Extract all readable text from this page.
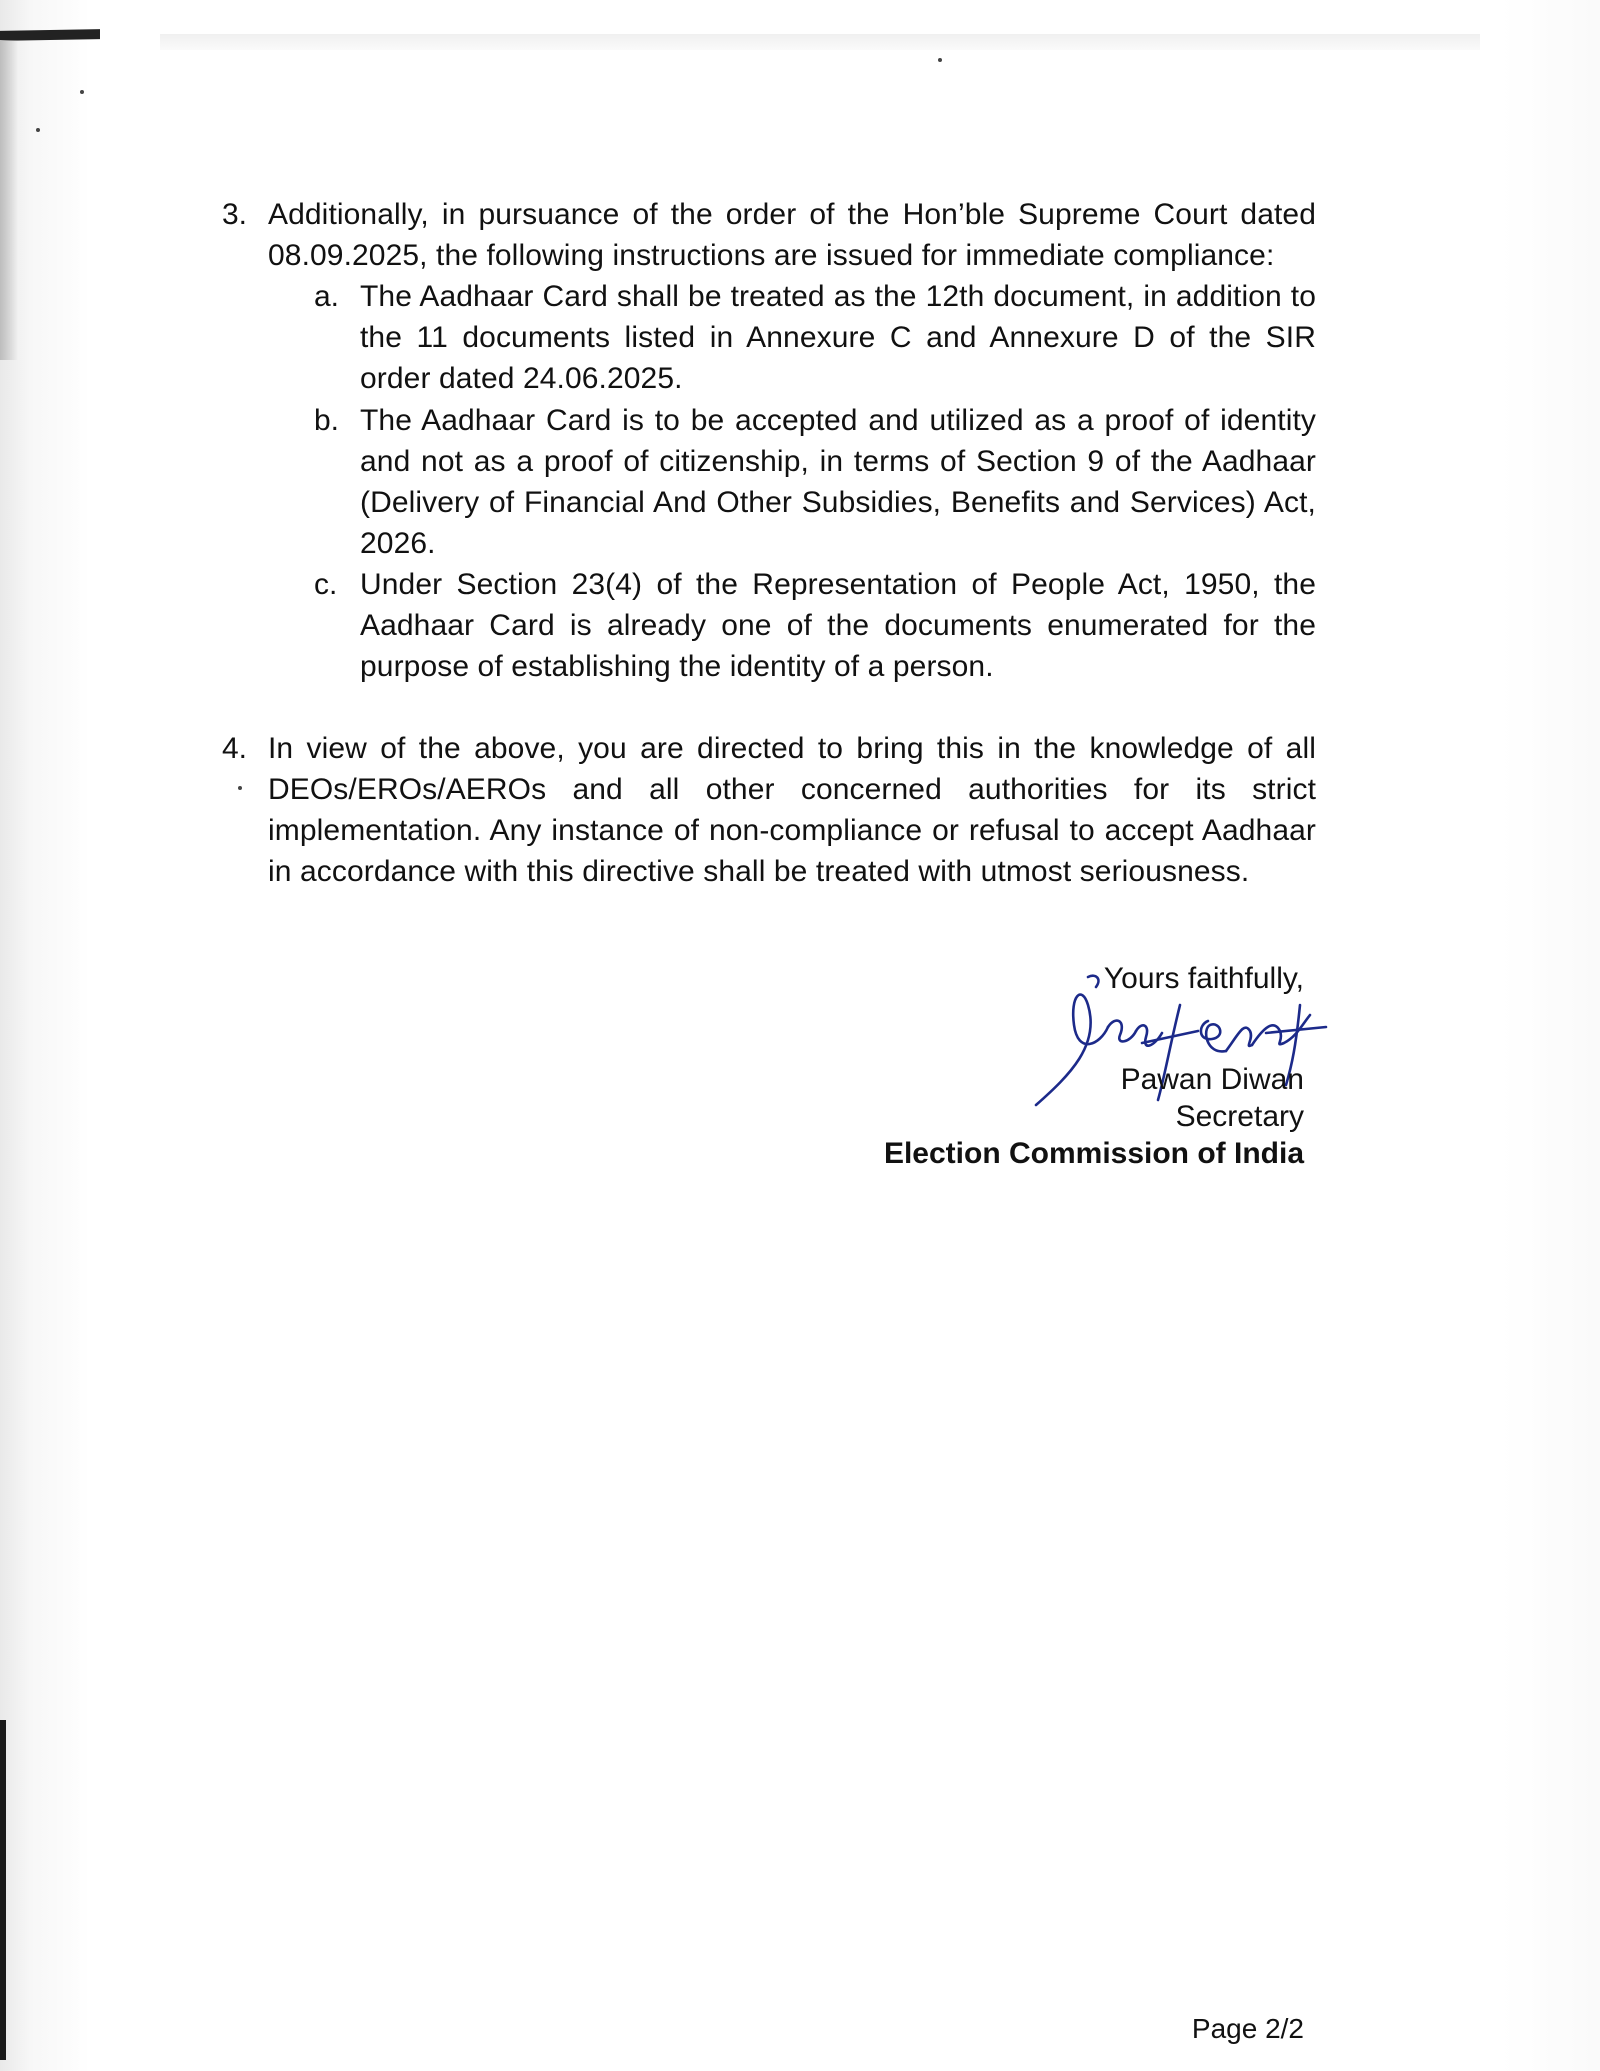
3. Additionally, in pursuance of the order of the Hon’ble Supreme Court dated 08.09.2025, the following instructions are issued for immediate compliance:
a. The Aadhaar Card shall be treated as the 12th document, in addition to the 11 documents listed in Annexure C and Annexure D of the SIR order dated 24.06.2025.
b. The Aadhaar Card is to be accepted and utilized as a proof of identity and not as a proof of citizenship, in terms of Section 9 of the Aadhaar (Delivery of Financial And Other Subsidies, Benefits and Services) Act, 2026.
c. Under Section 23(4) of the Representation of People Act, 1950, the Aadhaar Card is already one of the documents enumerated for the purpose of establishing the identity of a person.
4. In view of the above, you are directed to bring this in the knowledge of all DEOs/EROs/AEROs and all other concerned authorities for its strict implementation. Any instance of non-compliance or refusal to accept Aadhaar in accordance with this directive shall be treated with utmost seriousness.
Yours faithfully,
Pawan Diwan
Secretary
Election Commission of India
Page 2/2
